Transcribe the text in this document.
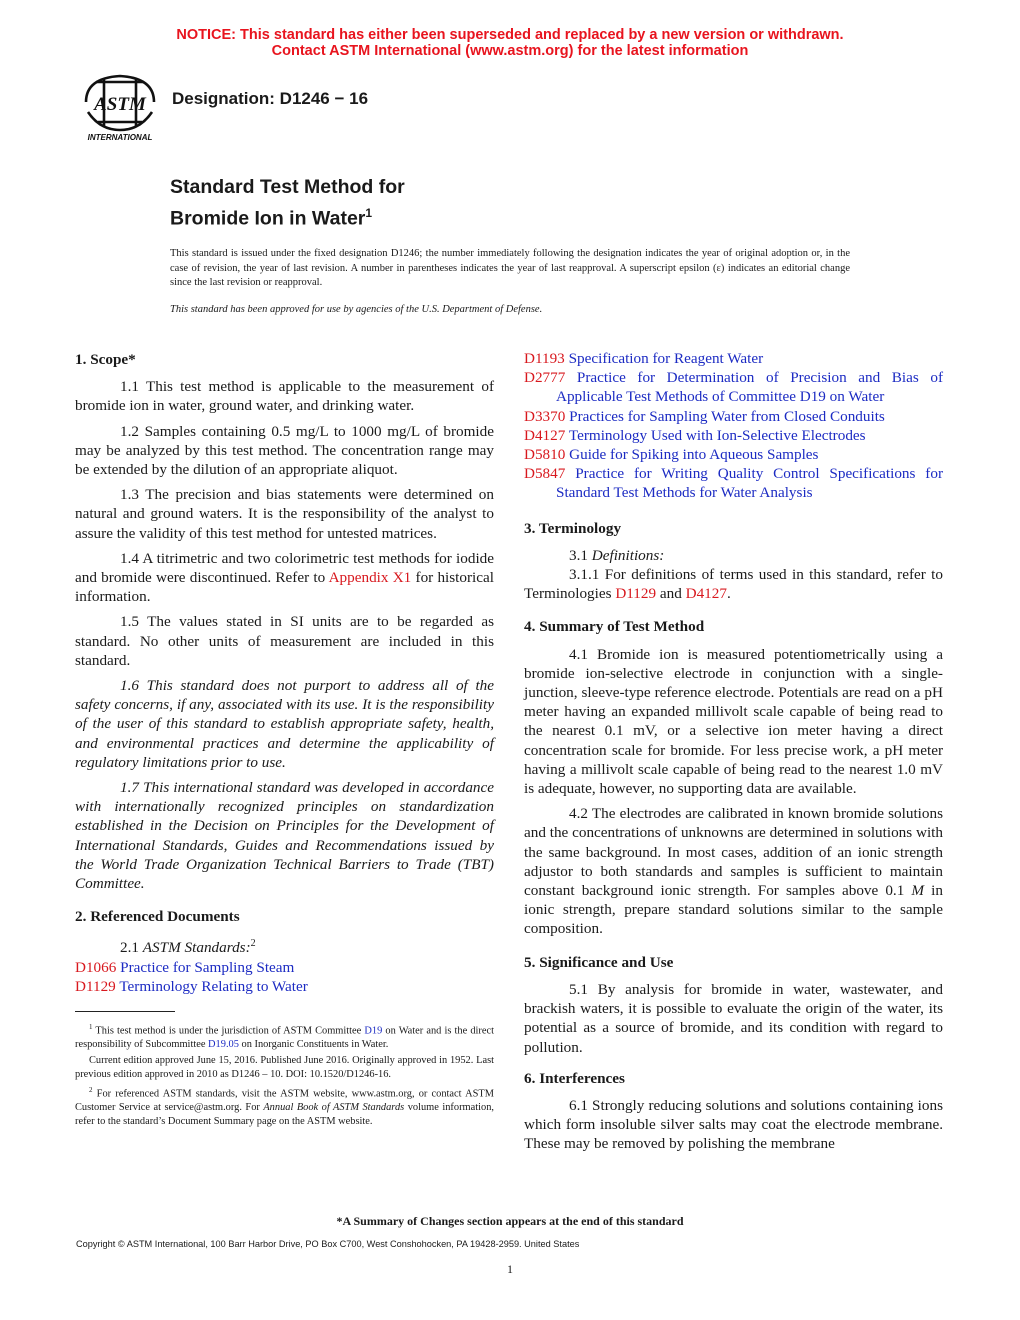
NOTICE: This standard has either been superseded and replaced by a new version or withdrawn.
Contact ASTM International (www.astm.org) for the latest information
ASTM
INTERNATIONAL
Designation: D1246 − 16
Standard Test Method for
Bromide Ion in Water$^1$
This standard is issued under the fixed designation D1246; the number immediately following the designation indicates the year of original adoption or, in the case of revision, the year of last revision. A number in parentheses indicates the year of last reapproval. A superscript epsilon (ε) indicates an editorial change since the last revision or reapproval.
This standard has been approved for use by agencies of the U.S. Department of Defense.
1. Scope*

1.1 This test method is applicable to the measurement of bromide ion in water, ground water, and drinking water.

1.2 Samples containing 0.5 mg/L to 1000 mg/L of bromide may be analyzed by this test method. The concentration range may be extended by the dilution of an appropriate aliquot.

1.3 The precision and bias statements were determined on natural and ground waters. It is the responsibility of the analyst to assure the validity of this test method for untested matrices.

1.4 A titrimetric and two colorimetric test methods for iodide and bromide were discontinued. Refer to Appendix X1 for historical information.

1.5 The values stated in SI units are to be regarded as standard. No other units of measurement are included in this standard.

1.6 This standard does not purport to address all of the safety concerns, if any, associated with its use. It is the responsibility of the user of this standard to establish appropriate safety, health, and environmental practices and determine the applicability of regulatory limitations prior to use.

1.7 This international standard was developed in accordance with internationally recognized principles on standardization established in the Decision on Principles for the Development of International Standards, Guides and Recommendations issued by the World Trade Organization Technical Barriers to Trade (TBT) Committee.

2. Referenced Documents

2.1 ASTM Standards:$^2$

D1066 Practice for Sampling Steam

D1129 Terminology Relating to Water

D1193 Specification for Reagent Water

D2777 Practice for Determination of Precision and Bias of Applicable Test Methods of Committee D19 on Water

D3370 Practices for Sampling Water from Closed Conduits

D4127 Terminology Used with Ion-Selective Electrodes

D5810 Guide for Spiking into Aqueous Samples

D5847 Practice for Writing Quality Control Specifications for Standard Test Methods for Water Analysis

3. Terminology

3.1 Definitions:

3.1.1 For definitions of terms used in this standard, refer to Terminologies D1129 and D4127.

4. Summary of Test Method

4.1 Bromide ion is measured potentiometrically using a bromide ion-selective electrode in conjunction with a single-junction, sleeve-type reference electrode. Potentials are read on a pH meter having an expanded millivolt scale capable of being read to the nearest 0.1 mV, or a selective ion meter having a direct concentration scale for bromide. For less precise work, a pH meter having a millivolt scale capable of being read to the nearest 1.0 mV is adequate, however, no supporting data are available.

4.2 The electrodes are calibrated in known bromide solutions and the concentrations of unknowns are determined in solutions with the same background. In most cases, addition of an ionic strength adjustor to both standards and samples is sufficient to maintain constant background ionic strength. For samples above 0.1 M in ionic strength, prepare standard solutions similar to the sample composition.

5. Significance and Use

5.1 By analysis for bromide in water, wastewater, and brackish waters, it is possible to evaluate the origin of the water, its potential as a source of bromide, and its condition with regard to pollution.

6. Interferences

6.1 Strongly reducing solutions and solutions containing ions which form insoluble silver salts may coat the electrode membrane. These may be removed by polishing the membrane

$^1$ This test method is under the jurisdiction of ASTM Committee D19 on Water and is the direct responsibility of Subcommittee D19.05 on Inorganic Constituents in Water.

Current edition approved June 15, 2016. Published June 2016. Originally approved in 1952. Last previous edition approved in 2010 as D1246 – 10. DOI: 10.1520/D1246-16.

$^2$ For referenced ASTM standards, visit the ASTM website, www.astm.org, or contact ASTM Customer Service at service@astm.org. For Annual Book of ASTM Standards volume information, refer to the standard’s Document Summary page on the ASTM website.

*A Summary of Changes section appears at the end of this standard
Copyright © ASTM International, 100 Barr Harbor Drive, PO Box C700, West Conshohocken, PA 19428-2959. United States
1
